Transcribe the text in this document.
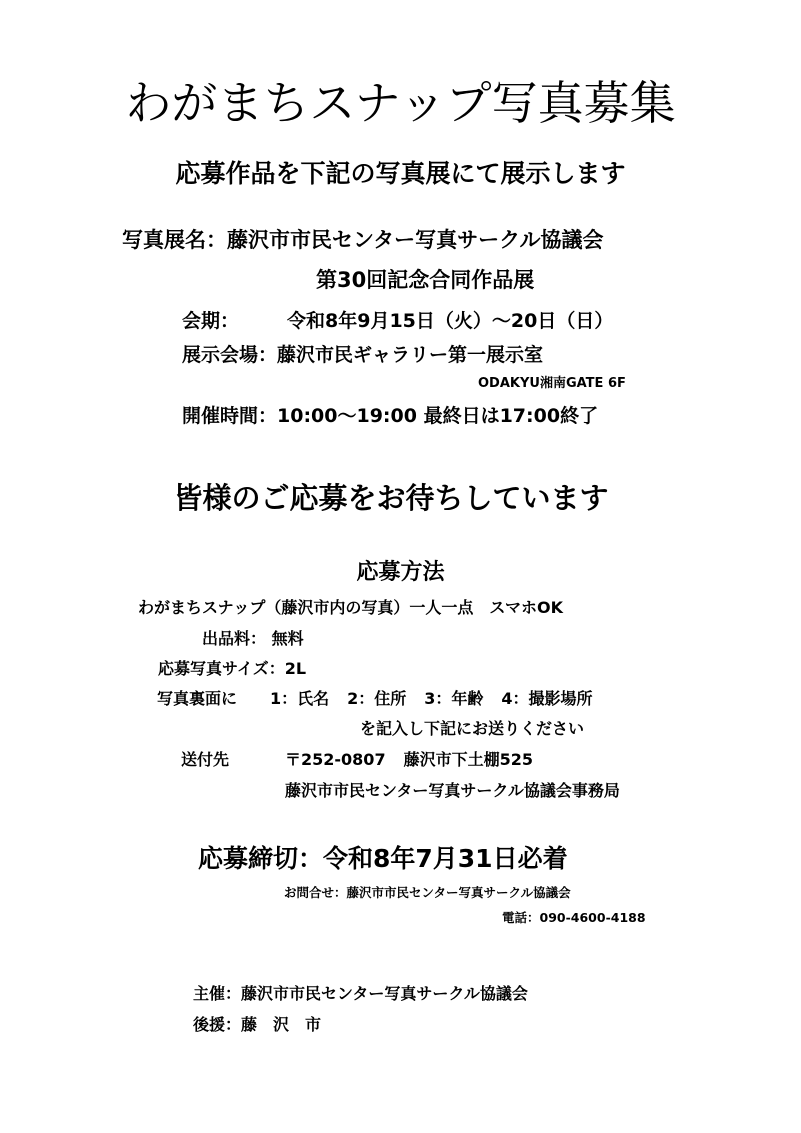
わがまちスナップ写真募集
応募作品を下記の写真展にて展示します
写真展名：藤沢市市民センター写真サークル協議会
第30回記念合同作品展
会期：	令和8年9月15日（火）～20日（日）
展示会場：藤沢市民ギャラリー第一展示室
ODAKYU湘南GATE 6F
開催時間：10:00～19:00 最終日は17:00終了
皆様のご応募をお待ちしています
応募方法
わがまちスナップ（藤沢市内の写真）一人一点　スマホOK
出品料： 無料
応募写真サイズ：2L
写真裏面に 1：氏名 2：住所 3：年齢 4：撮影場所
を記入し下記にお送りください
送付先	〒252-0807 藤沢市下土棚525
藤沢市市民センター写真サークル協議会事務局
応募締切：令和8年7月31日必着
お問合せ：藤沢市市民センター写真サークル協議会
電話：090-4600-4188
主催：藤沢市市民センター写真サークル協議会
後援：藤　沢　市
